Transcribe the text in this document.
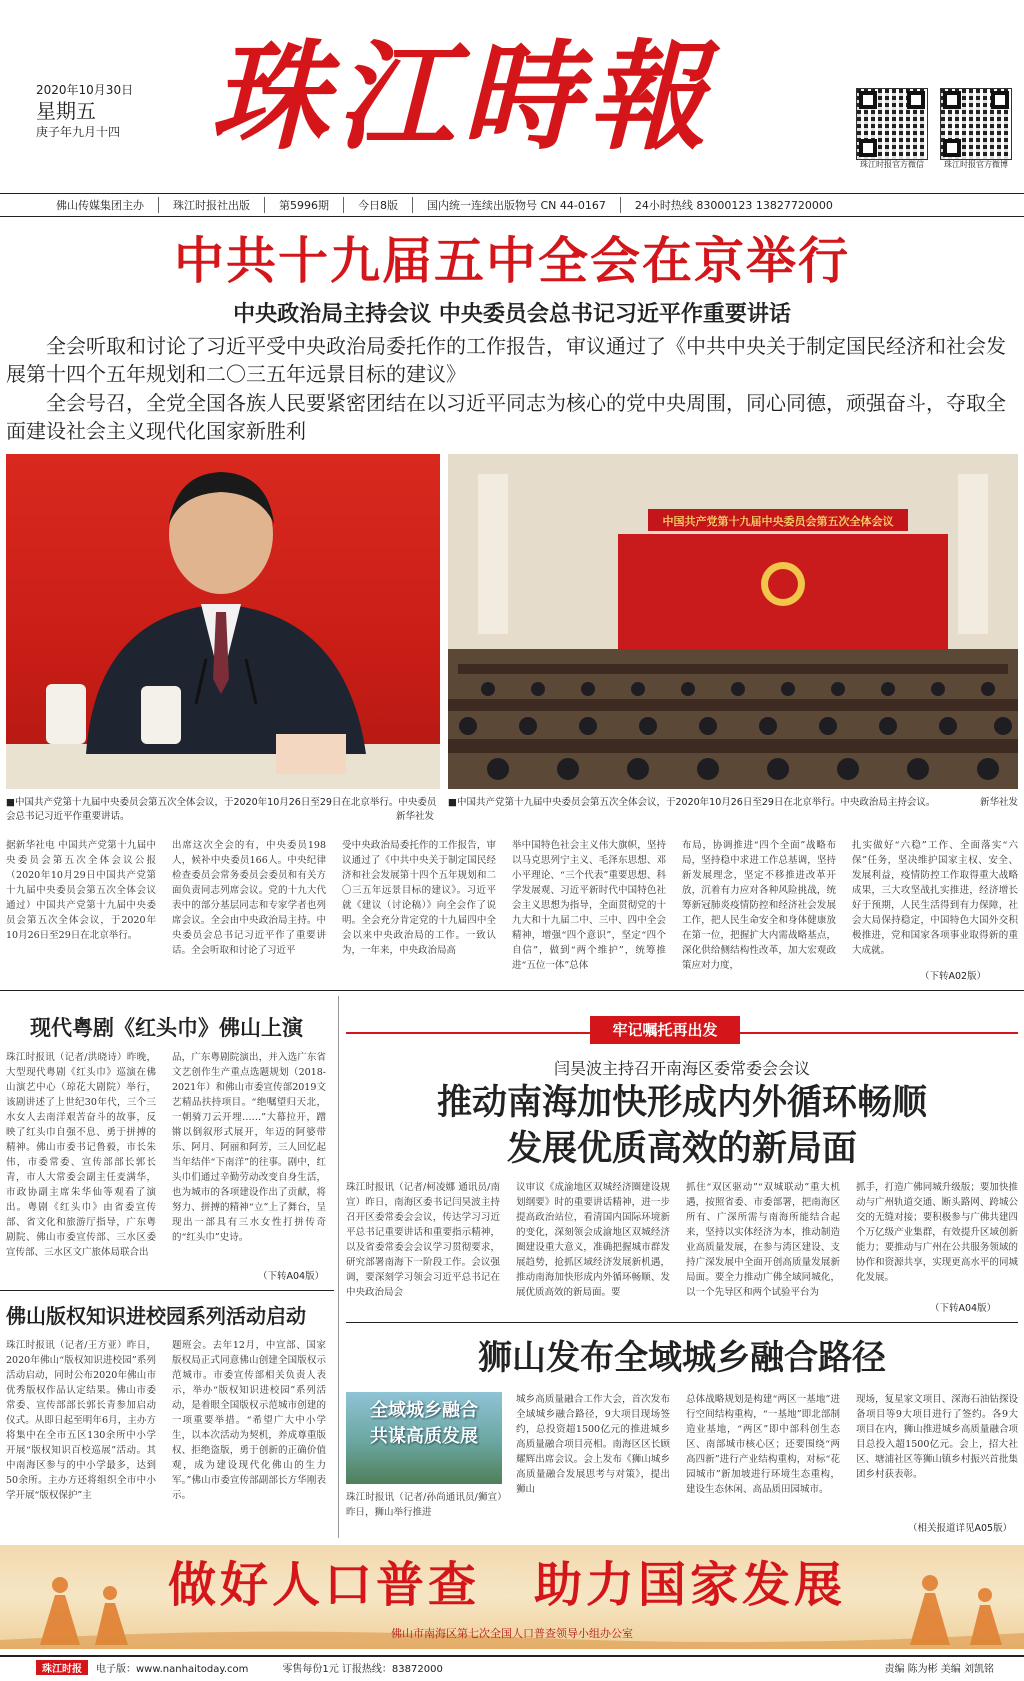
2020年10月30日
星期五
庚子年九月十四 珠江時報	珠江时报官方微信	珠江时报官方微博
佛山传媒集团主办	珠江时报社出版	第5996期	今日8版	国内统一连续出版物号 CN 44-0167	24小时热线 83000123 13827720000
中共十九届五中全会在京举行
中央政治局主持会议 中央委员会总书记习近平作重要讲话

全会听取和讨论了习近平受中央政治局委托作的工作报告，审议通过了《中共中央关于制定国民经济和社会发展第十四个五年规划和二〇三五年远景目标的建议》

全会号召，全党全国各族人民要紧密团结在以习近平同志为核心的党中央周围，同心同德，顽强奋斗，夺取全面建设社会主义现代化国家新胜利

中国共产党第十九届中央委员会第五次全体会议
■中国共产党第十九届中央委员会第五次全体会议，于2020年10月26日至29日在北京举行。中央委员会总书记习近平作重要讲话。	新华社发
■中国共产党第十九届中央委员会第五次全体会议，于2020年10月26日至29日在北京举行。中央政治局主持会议。	新华社发
据新华社电 中国共产党第十九届中央委员会第五次全体会议公报（2020年10月29日中国共产党第十九届中央委员会第五次全体会议通过）中国共产党第十九届中央委员会第五次全体会议，于2020年10月26日至29日在北京举行。
出席这次全会的有，中央委员198人，候补中央委员166人。中央纪律检查委员会常务委员会委员和有关方面负责同志列席会议。党的十九大代表中的部分基层同志和专家学者也列席会议。全会由中央政治局主持。中央委员会总书记习近平作了重要讲话。全会听取和讨论了习近平
受中央政治局委托作的工作报告，审议通过了《中共中央关于制定国民经济和社会发展第十四个五年规划和二〇三五年远景目标的建议》。习近平就《建议（讨论稿）》向全会作了说明。全会充分肯定党的十九届四中全会以来中央政治局的工作。一致认为，一年来，中央政治局高
举中国特色社会主义伟大旗帜，坚持以马克思列宁主义、毛泽东思想、邓小平理论、“三个代表”重要思想、科学发展观、习近平新时代中国特色社会主义思想为指导，全面贯彻党的十九大和十九届二中、三中、四中全会精神，增强“四个意识”，坚定“四个自信”，做到“两个维护”，统筹推进“五位一体”总体
布局，协调推进“四个全面”战略布局，坚持稳中求进工作总基调，坚持新发展理念，坚定不移推进改革开放，沉着有力应对各种风险挑战，统筹新冠肺炎疫情防控和经济社会发展工作，把人民生命安全和身体健康放在第一位，把握扩大内需战略基点，深化供给侧结构性改革，加大宏观政策应对力度，
扎实做好“六稳”工作、全面落实“六保”任务，坚决维护国家主权、安全、发展利益，疫情防控工作取得重大战略成果，三大攻坚战扎实推进，经济增长好于预期，人民生活得到有力保障，社会大局保持稳定，中国特色大国外交积极推进，党和国家各项事业取得新的重大成就。
（下转A02版）
现代粤剧《红头巾》佛山上演
珠江时报讯（记者/洪晓诗）昨晚，大型现代粤剧《红头巾》巡演在佛山演艺中心（琼花大剧院）举行，该剧讲述了上世纪30年代，三个三水女人去南洋艰苦奋斗的故事，反映了红头巾自强不息、勇于拼搏的精神。佛山市委书记鲁毅，市长朱伟，市委常委、宣传部部长郭长青，市人大常委会副主任麦满华，市政协副主席朱华仙等观看了演出。粤剧《红头巾》由省委宣传部、省文化和旅游厅指导，广东粤剧院、佛山市委宣传部、三水区委宣传部、三水区文广旅体局联合出
品，广东粤剧院演出，并入选广东省文艺创作生产重点选题规划（2018-2021年）和佛山市委宣传部2019文艺精品扶持项目。“绝嘱望归天北，一朝骑刀云开埋……”大幕拉开，蹭锵以倒叙形式展开，年迈的阿婆带乐、阿月、阿丽和阿芳，三人回忆起当年结伴“下南洋”的往事。剧中，红头巾们通过辛勤劳动改变自身生活，也为城市的各项建设作出了贡献，将努力、拼搏的精神“立”上了舞台，呈现出一部具有三水女性打拼传奇的“红头巾”史诗。
（下转A04版）
佛山版权知识进校园系列活动启动
珠江时报讯（记者/王方亚）昨日，2020年佛山“版权知识进校园”系列活动启动，同时公布2020年佛山市优秀版权作品认定结果。佛山市委常委、宣传部部长郭长青参加启动仪式。从即日起至明年6月，主办方将集中在全市五区130余所中小学开展“版权知识百校巡展”活动。其中南海区参与的中小学最多，达到50余所。主办方还将组织全市中小学开展“版权保护”主
题班会。去年12月，中宣部、国家版权局正式同意佛山创建全国版权示范城市。市委宣传部相关负责人表示，举办“版权知识进校园”系列活动，是着眼全国版权示范城市创建的一项重要举措。“希望广大中小学生，以本次活动为契机，养成尊重版权、拒绝盗版，勇于创新的正确价值观，成为建设现代化佛山的生力军。”佛山市委宣传部副部长方华刚表示。
牢记嘱托再出发
闫昊波主持召开南海区委常委会会议
推动南海加快形成内外循环畅顺
发展优质高效的新局面
珠江时报讯（记者/柯凌娜 通讯员/南宣）昨日，南海区委书记闫昊波主持召开区委常委会会议，传达学习习近平总书记重要讲话和重要指示精神，以及省委常委会会议学习贯彻要求，研究部署南海下一阶段工作。会议强调，要深刻学习领会习近平总书记在中央政治局会
议审议《成渝地区双城经济圈建设规划纲要》时的重要讲话精神，进一步提高政治站位，看清国内国际环境新的变化，深刻领会成渝地区双城经济圈建设重大意义，准确把握城市群发展趋势，抢抓区域经济发展新机遇，推动南海加快形成内外循环畅顺、发展优质高效的新局面。要
抓住“双区驱动”“双城联动”重大机遇，按照省委、市委部署，把南海区所有、广深所需与南海所能结合起来，坚持以实体经济为本，推动制造业高质量发展，在参与湾区建设、支持广深发展中全面开创高质量发展新局面。要全力推动广佛全域同城化，以一个先导区和两个试验平台为
抓手，打造广佛同城升级版；要加快推动与广州轨道交通、断头路网、跨城公交的无缝对接；要积极参与广佛共建四个万亿级产业集群，有效提升区域创新能力；要推动与广州在公共服务领域的协作和资源共享，实现更高水平的同城化发展。
（下转A04版）
狮山发布全域城乡融合路径
全域城乡融合
共谋高质发展
珠江时报讯（记者/孙尚通讯员/狮宣）昨日，狮山举行推进
城乡高质量融合工作大会，首次发布全域城乡融合路径，9大项目现场签约，总投资超1500亿元的推进城乡高质量融合项目亮相。南海区区长顾耀辉出席会议。会上发布《狮山城乡高质量融合发展思考与对策》，提出狮山
总体战略规划是构建“两区一基地”进行空间结构重构，“一基地”即北部制造业基地，“两区”即中部科创生态区、南部城市核心区；还要围绕“两高四新”进行产业结构重构，对标“花园城市”新加坡进行环境生态重构，建设生态休闲、高品质田园城市。
现场，复星家文项目、深海石油钻探设备项目等9大项目进行了签约。各9大项目在内，狮山推进城乡高质量融合项目总投入超1500亿元。会上，招大社区、塘浦社区等狮山镇乡村振兴首批集团乡村获表彰。
（相关报道详见A05版）
做好人口普查 助力国家发展
佛山市南海区第七次全国人口普查领导小组办公室
珠江时报	电子版：www.nanhaitoday.com	零售每份1元 订报热线：83872000	责编 陈为彬 美编 刘凯铭
